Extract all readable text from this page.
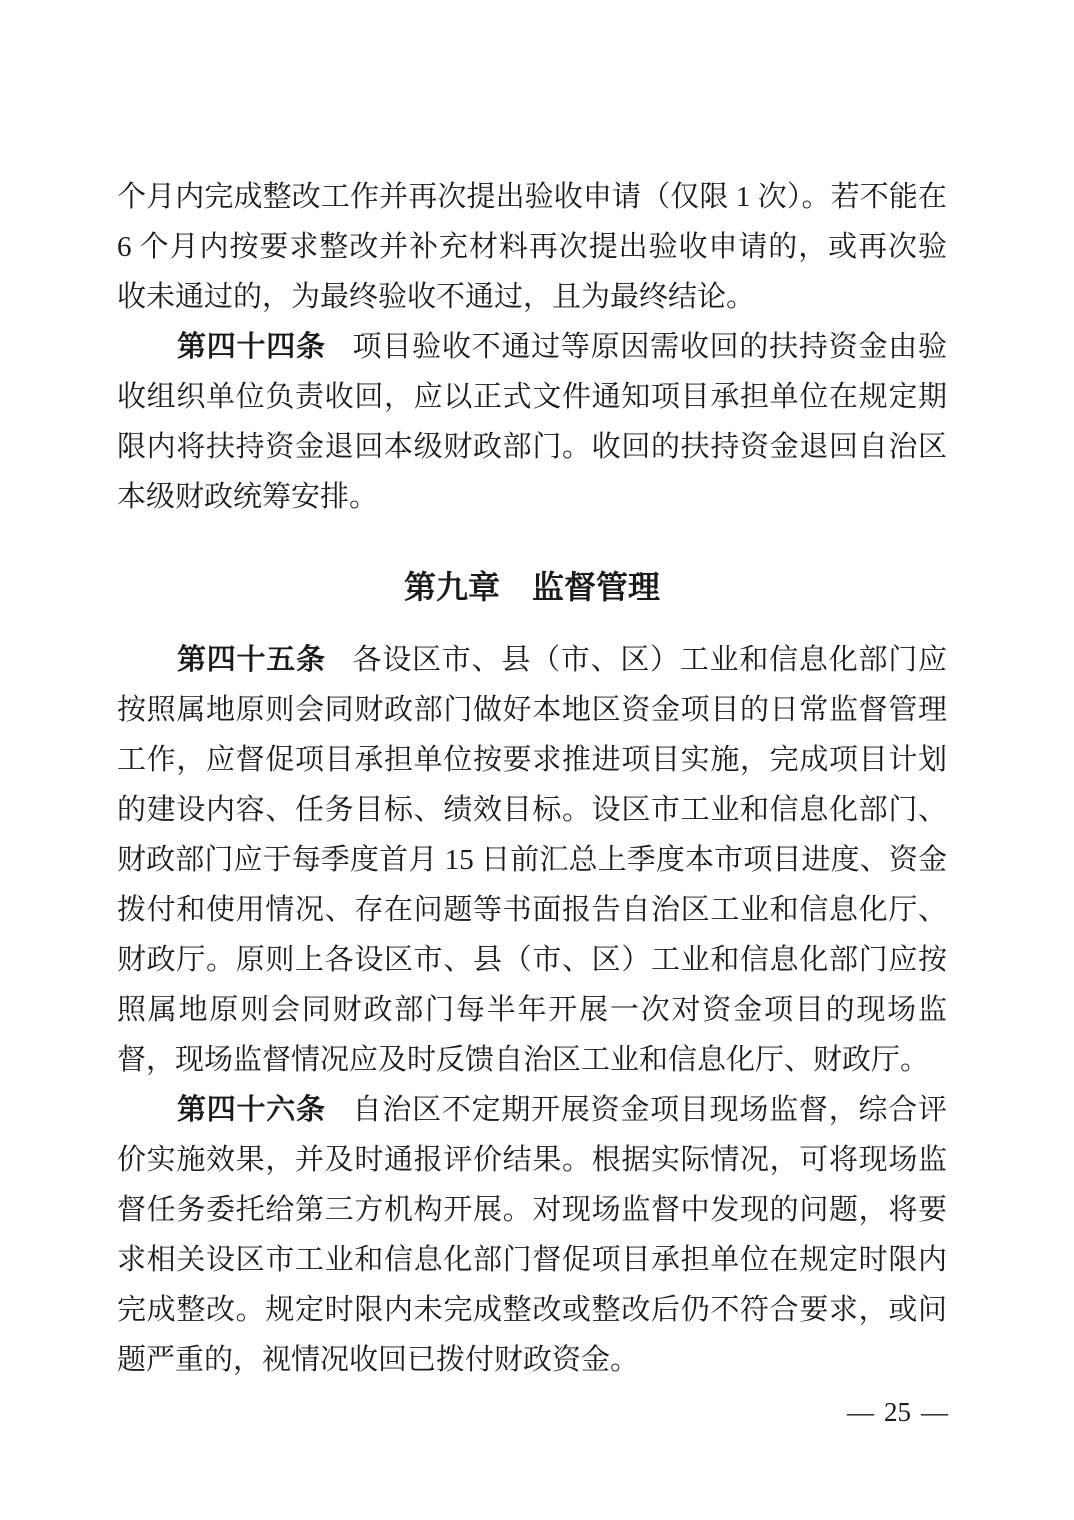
个月内完成整改工作并再次提出验收申请（仅限 1 次）。若不能在 6 个月内按要求整改并补充材料再次提出验收申请的，或再次验收未通过的，为最终验收不通过，且为最终结论。

第四十四条 项目验收不通过等原因需收回的扶持资金由验收组织单位负责收回，应以正式文件通知项目承担单位在规定期限内将扶持资金退回本级财政部门。收回的扶持资金退回自治区本级财政统筹安排。

第九章 监督管理

第四十五条 各设区市、县（市、区）工业和信息化部门应按照属地原则会同财政部门做好本地区资金项目的日常监督管理工作，应督促项目承担单位按要求推进项目实施，完成项目计划的建设内容、任务目标、绩效目标。设区市工业和信息化部门、财政部门应于每季度首月 15 日前汇总上季度本市项目进度、资金拨付和使用情况、存在问题等书面报告自治区工业和信息化厅、财政厅。原则上各设区市、县（市、区）工业和信息化部门应按照属地原则会同财政部门每半年开展一次对资金项目的现场监督，现场监督情况应及时反馈自治区工业和信息化厅、财政厅。

第四十六条 自治区不定期开展资金项目现场监督，综合评价实施效果，并及时通报评价结果。根据实际情况，可将现场监督任务委托给第三方机构开展。对现场监督中发现的问题，将要求相关设区市工业和信息化部门督促项目承担单位在规定时限内完成整改。规定时限内未完成整改或整改后仍不符合要求，或问题严重的，视情况收回已拨付财政资金。

— 25 —
